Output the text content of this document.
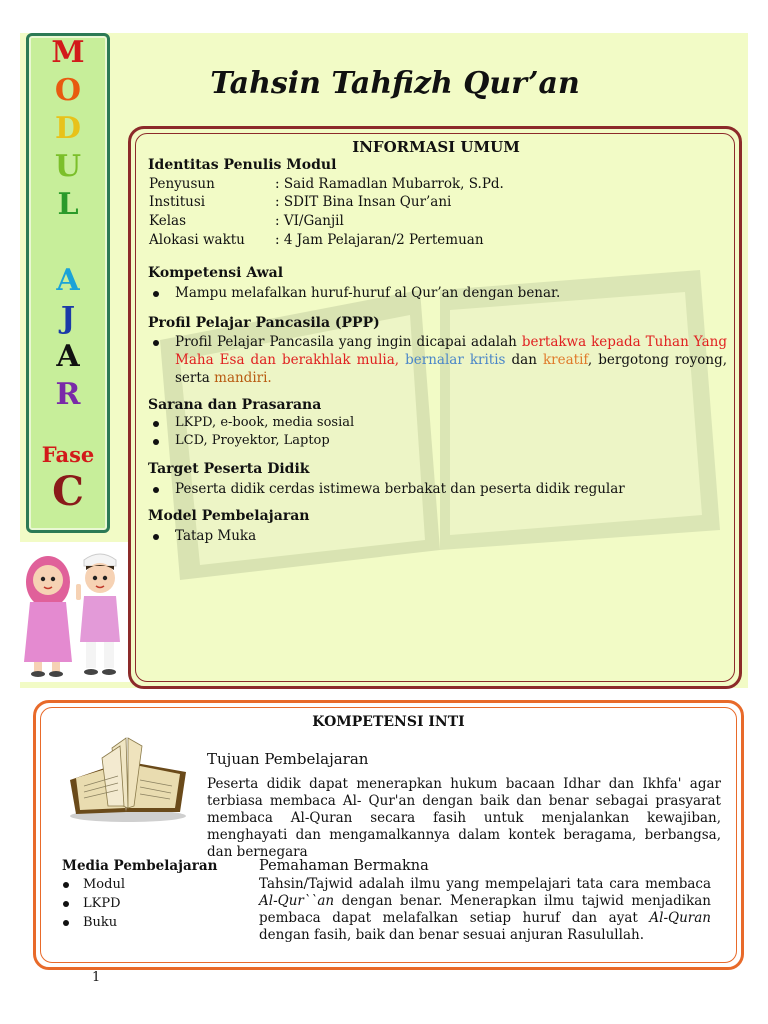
M
O
D
U
L
A
J
A
R
Fase
C
Tahsin Tahfizh Qur’an
INFORMASI UMUM
Identitas Penulis Modul
Penyusun	: Said Ramadlan Mubarrok, S.Pd.
Institusi	: SDIT Bina Insan Qur’ani
Kelas	: VI/Ganjil
Alokasi waktu : 4 Jam Pelajaran/2 Pertemuan
Kompetensi Awal
Mampu melafalkan huruf-huruf al Qur’an dengan benar.
Profil Pelajar Pancasila (PPP)
Profil Pelajar Pancasila yang ingin dicapai adalah bertakwa kepada Tuhan Yang Maha Esa dan berakhlak mulia, bernalar kritis dan kreatif, bergotong royong, serta mandiri.
Sarana dan Prasarana
LKPD, e-book, media sosial
LCD, Proyektor, Laptop
Target Peserta Didik
Peserta didik cerdas istimewa berbakat dan peserta didik regular
Model Pembelajaran
Tatap Muka
KOMPETENSI INTI
Tujuan Pembelajaran
Peserta didik dapat menerapkan hukum bacaan Idhar dan Ikhfa' agar terbiasa membaca Al- Qur'an dengan baik dan benar sebagai prasyarat membaca Al-Quran secara fasih untuk menjalankan kewajiban, menghayati dan mengamalkannya dalam kontek beragama, berbangsa, dan bernegara
Media Pembelajaran
Modul
LKPD
Buku
Pemahaman Bermakna
Tahsin/Tajwid adalah ilmu yang mempelajari tata cara membaca Al-Qur``an dengan benar. Menerapkan ilmu tajwid menjadikan pembaca dapat melafalkan setiap huruf dan ayat Al-Quran dengan fasih, baik dan benar sesuai anjuran Rasulullah.
1
